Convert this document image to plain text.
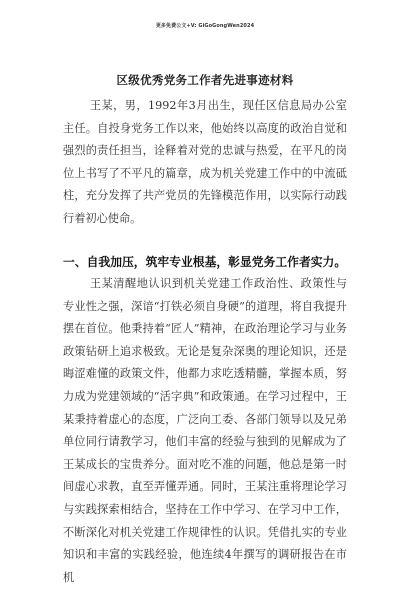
更多免费公文+V: GiGoGongWen2024
区级优秀党务工作者先进事迹材料
王某，男，1992年3月出生，现任区信息局办公室主任。自投身党务工作以来，他始终以高度的政治自觉和强烈的责任担当，诠释着对党的忠诚与热爱，在平凡的岗位上书写了不平凡的篇章，成为机关党建工作中的中流砥柱，充分发挥了共产党员的先锋模范作用，以实际行动践行着初心使命。
一、自我加压，筑牢专业根基，彰显党务工作者实力。
王某清醒地认识到机关党建工作政治性、政策性与专业性之强，深谙“打铁必须自身硬”的道理，将自我提升摆在首位。他秉持着“匠人”精神，在政治理论学习与业务政策钻研上追求极致。无论是复杂深奥的理论知识，还是晦涩难懂的政策文件，他都力求吃透精髓，掌握本质，努力成为党建领域的“活字典”和政策通。在学习过程中，王某秉持着虚心的态度，广泛向工委、各部门领导以及兄弟单位同行请教学习，他们丰富的经验与独到的见解成为了王某成长的宝贵养分。面对吃不准的问题，他总是第一时间虚心求教，直至弄懂弄通。同时，王某注重将理论学习与实践探索相结合，坚持在工作中学习、在学习中工作，不断深化对机关党建工作规律性的认识。凭借扎实的专业知识和丰富的实践经验，他连续4年撰写的调研报告在市机
